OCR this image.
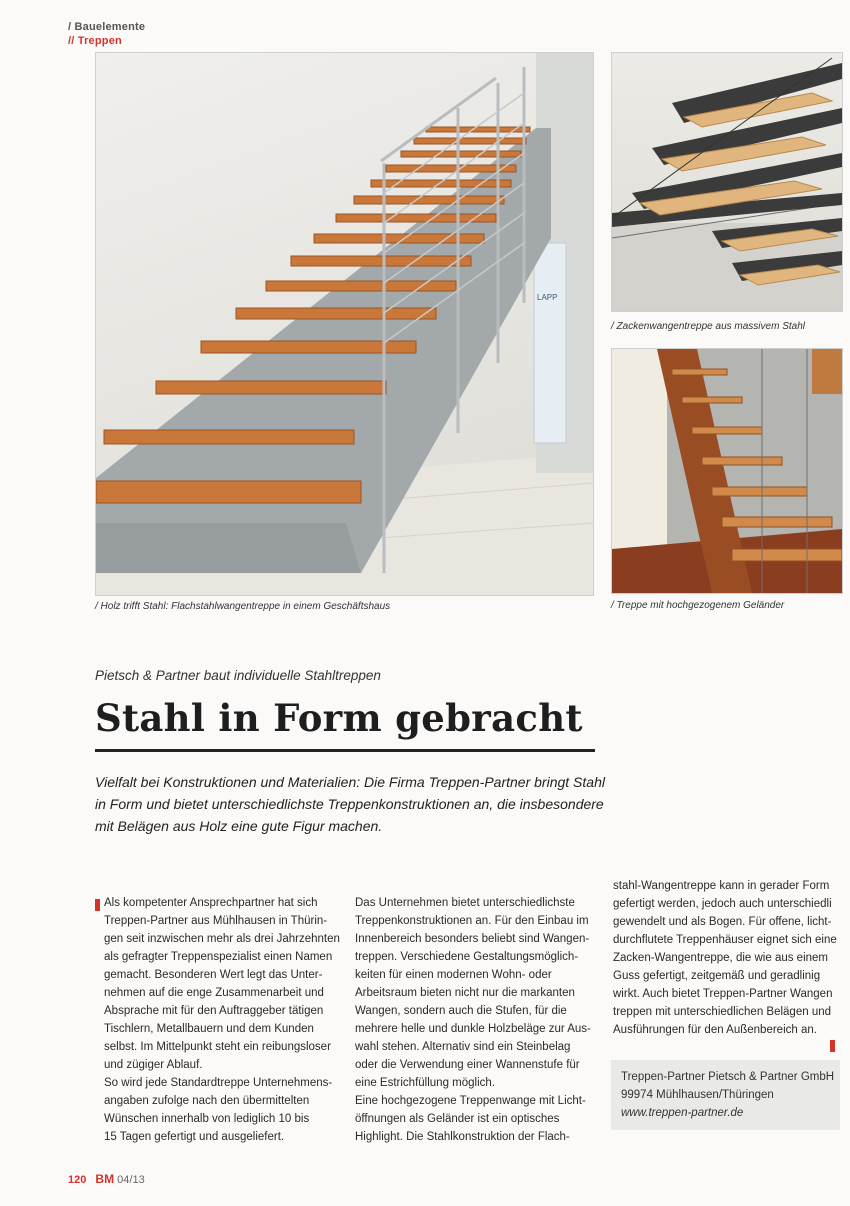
/ Bauelemente
// Treppen
LAPP
/ Holz trifft Stahl: Flachstahlwangentreppe in einem Geschäftshaus
/ Zackenwangentreppe aus massivem Stahl
/ Treppe mit hochgezogenem Geländer
Pietsch & Partner baut individuelle Stahltreppen
Stahl in Form gebracht
Vielfalt bei Konstruktionen und Materialien: Die Firma Treppen-Partner bringt Stahl in Form und bietet unterschiedlichste Treppenkonstruktionen an, die insbesondere mit Belägen aus Holz eine gute Figur machen.
Als kompetenter Ansprechpartner hat sich
Treppen-Partner aus Mühlhausen in Thürin-
gen seit inzwischen mehr als drei Jahrzehnten
als gefragter Treppenspezialist einen Namen
gemacht. Besonderen Wert legt das Unter-
nehmen auf die enge Zusammenarbeit und
Absprache mit für den Auftraggeber tätigen
Tischlern, Metallbauern und dem Kunden
selbst. Im Mittelpunkt steht ein reibungsloser
und zügiger Ablauf.
So wird jede Standardtreppe Unternehmens-
angaben zufolge nach den übermittelten
Wünschen innerhalb von lediglich 10 bis
15 Tagen gefertigt und ausgeliefert.
Das Unternehmen bietet unterschiedlichste
Treppenkonstruktionen an. Für den Einbau im
Innenbereich besonders beliebt sind Wangen-
treppen. Verschiedene Gestaltungsmöglich-
keiten für einen modernen Wohn- oder
Arbeitsraum bieten nicht nur die markanten
Wangen, sondern auch die Stufen, für die
mehrere helle und dunkle Holzbeläge zur Aus-
wahl stehen. Alternativ sind ein Steinbelag
oder die Verwendung einer Wannenstufe für
eine Estrichfüllung möglich.
Eine hochgezogene Treppenwange mit Licht-
öffnungen als Geländer ist ein optisches
Highlight. Die Stahlkonstruktion der Flach-
stahl-Wangentreppe kann in gerader Form
gefertigt werden, jedoch auch unterschiedli
gewendelt und als Bogen. Für offene, licht-
durchflutete Treppenhäuser eignet sich eine
Zacken-Wangentreppe, die wie aus einem
Guss gefertigt, zeitgemäß und geradlinig
wirkt. Auch bietet Treppen-Partner Wangen
treppen mit unterschiedlichen Belägen und
Ausführungen für den Außenbereich an.
Treppen-Partner Pietsch & Partner GmbH
99974 Mühlhausen/Thüringen
www.treppen-partner.de
120 BM 04/13
